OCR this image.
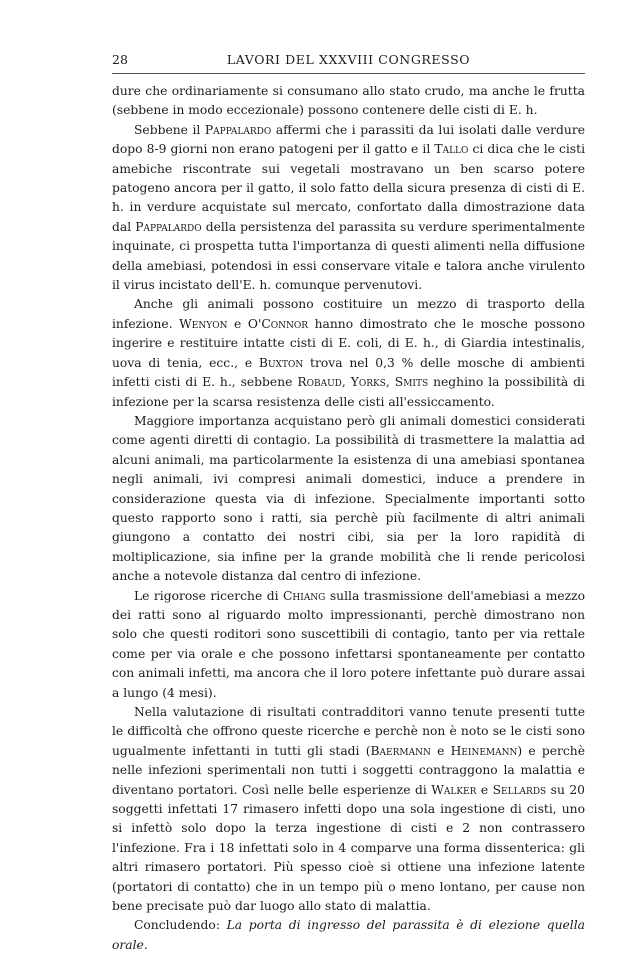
28	LAVORI DEL XXXVIII CONGRESSO

dure che ordinariamente si consumano allo stato crudo, ma anche le frutta (sebbene in modo eccezionale) possono contenere delle cisti di E. h.

Sebbene il Pappalardo affermi che i parassiti da lui isolati dalle verdure dopo 8-9 giorni non erano patogeni per il gatto e il Tallo ci dica che le cisti amebiche riscontrate sui vegetali mostravano un ben scarso potere patogeno ancora per il gatto, il solo fatto della sicura presenza di cisti di E. h. in verdure acquistate sul mercato, confortato dalla dimostrazione data dal Pappalardo della persistenza del parassita su verdure sperimentalmente inquinate, ci prospetta tutta l'importanza di questi alimenti nella diffusione della amebiasi, potendosi in essi conservare vitale e talora anche virulento il virus incistato dell'E. h. comunque pervenutovi.

Anche gli animali possono costituire un mezzo di trasporto della infezione. Wenyon e O'Connor hanno dimostrato che le mosche possono ingerire e restituire intatte cisti di E. coli, di E. h., di Giardia intestinalis, uova di tenia, ecc., e Buxton trova nel 0,3 % delle mosche di ambienti infetti cisti di E. h., sebbene Robaud, Yorks, Smits neghino la possibilità di infezione per la scarsa resistenza delle cisti all'essiccamento.

Maggiore importanza acquistano però gli animali domestici considerati come agenti diretti di contagio. La possibilità di trasmettere la malattia ad alcuni animali, ma particolarmente la esistenza di una amebiasi spontanea negli animali, ivi compresi animali domestici, induce a prendere in considerazione questa via di infezione. Specialmente importanti sotto questo rapporto sono i ratti, sia perchè più facilmente di altri animali giungono a contatto dei nostri cibi, sia per la loro rapidità di moltiplicazione, sia infine per la grande mobilità che li rende pericolosi anche a notevole distanza dal centro di infezione.

Le rigorose ricerche di Chiang sulla trasmissione dell'amebiasi a mezzo dei ratti sono al riguardo molto impressionanti, perchè dimostrano non solo che questi roditori sono suscettibili di contagio, tanto per via rettale come per via orale e che possono infettarsi spontaneamente per contatto con animali infetti, ma ancora che il loro potere infettante può durare assai a lungo (4 mesi).

Nella valutazione di risultati contradditori vanno tenute presenti tutte le difficoltà che offrono queste ricerche e perchè non è noto se le cisti sono ugualmente infettanti in tutti gli stadi (Baermann e Heinemann) e perchè nelle infezioni sperimentali non tutti i soggetti contraggono la malattia e diventano portatori. Così nelle belle esperienze di Walker e Sellards su 20 soggetti infettati 17 rimasero infetti dopo una sola ingestione di cisti, uno si infettò solo dopo la terza ingestione di cisti e 2 non contrassero l'infezione. Fra i 18 infettati solo in 4 comparve una forma dissenterica: gli altri rimasero portatori. Più spesso cioè si ottiene una infezione latente (portatori di contatto) che in un tempo più o meno lontano, per cause non bene precisate può dar luogo allo stato di malattia.

Concludendo: La porta di ingresso del parassita è di elezione quella orale.
